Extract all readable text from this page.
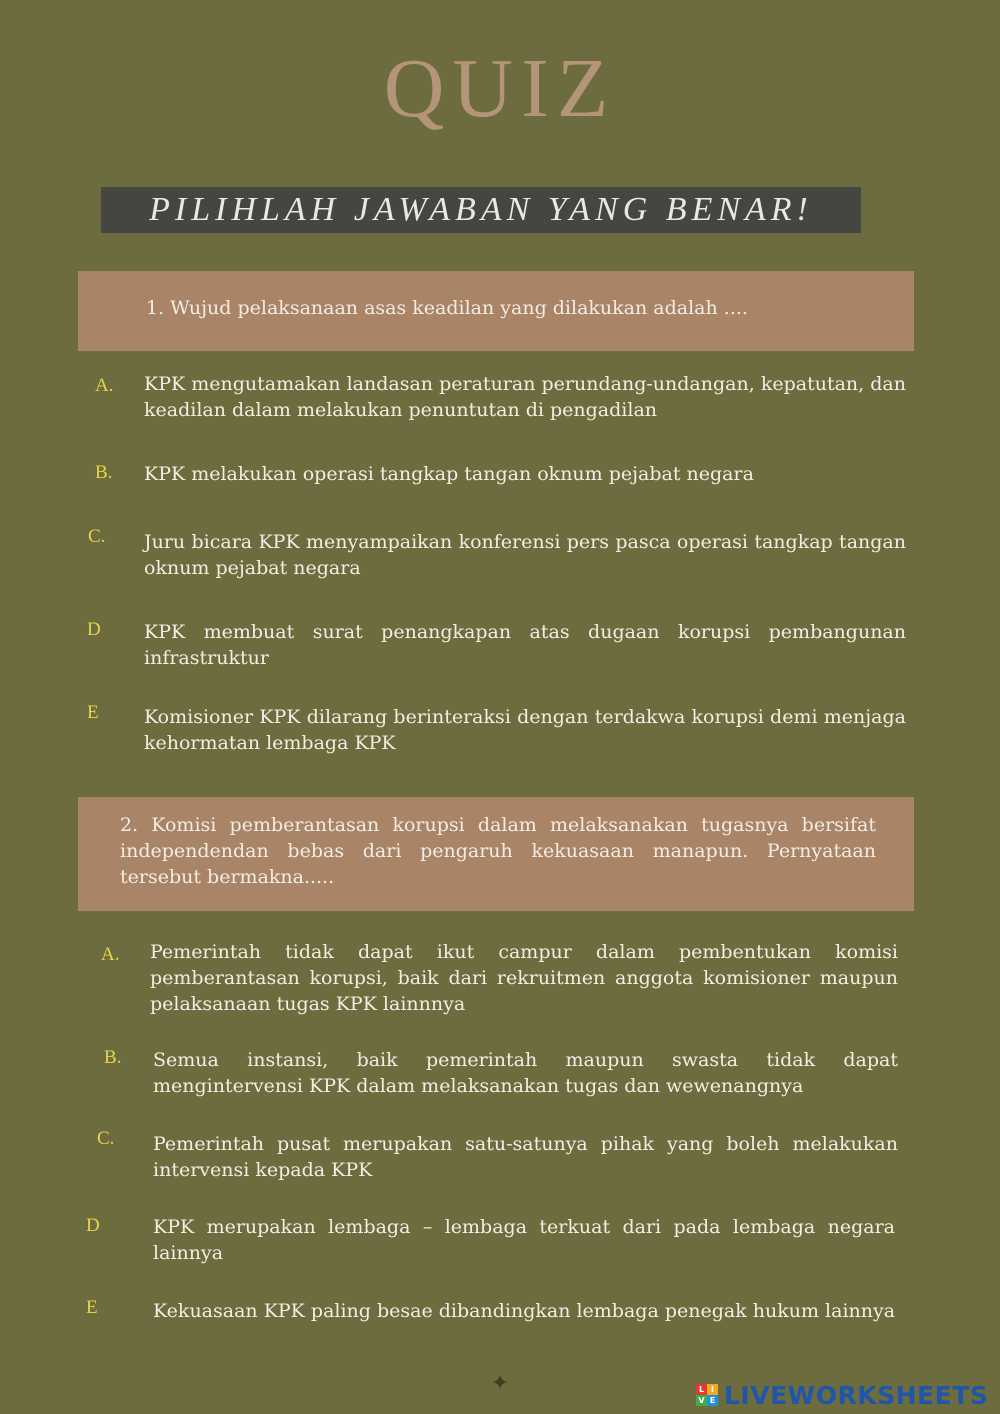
QUIZ
PILIHLAH JAWABAN YANG BENAR!
1. Wujud pelaksanaan asas keadilan yang dilakukan adalah ....
A. KPK mengutamakan landasan peraturan perundang-undangan, kepatutan, dan keadilan dalam melakukan penuntutan di pengadilan
B. KPK melakukan operasi tangkap tangan oknum pejabat negara
C. Juru bicara KPK menyampaikan konferensi pers pasca operasi tangkap tangan oknum pejabat negara
D KPK membuat surat penangkapan atas dugaan korupsi pembangunan infrastruktur
E Komisioner KPK dilarang berinteraksi dengan terdakwa korupsi demi menjaga kehormatan lembaga KPK
2. Komisi pemberantasan korupsi dalam melaksanakan tugasnya bersifat independendan bebas dari pengaruh kekuasaan manapun. Pernyataan tersebut bermakna.....
A. Pemerintah tidak dapat ikut campur dalam pembentukan komisi pemberantasan korupsi, baik dari rekruitmen anggota komisioner maupun pelaksanaan tugas KPK lainnnya
B. Semua instansi, baik pemerintah maupun swasta tidak dapat mengintervensi KPK dalam melaksanakan tugas dan wewenangnya
C. Pemerintah pusat merupakan satu-satunya pihak yang boleh melakukan intervensi kepada KPK
D	KPK merupakan lembaga – lembaga terkuat dari pada lembaga negara lainnya
E	Kekuasaan KPK paling besae dibandingkan lembaga penegak hukum lainnya
✦	L I
V E LIVEWORKSHEETS
